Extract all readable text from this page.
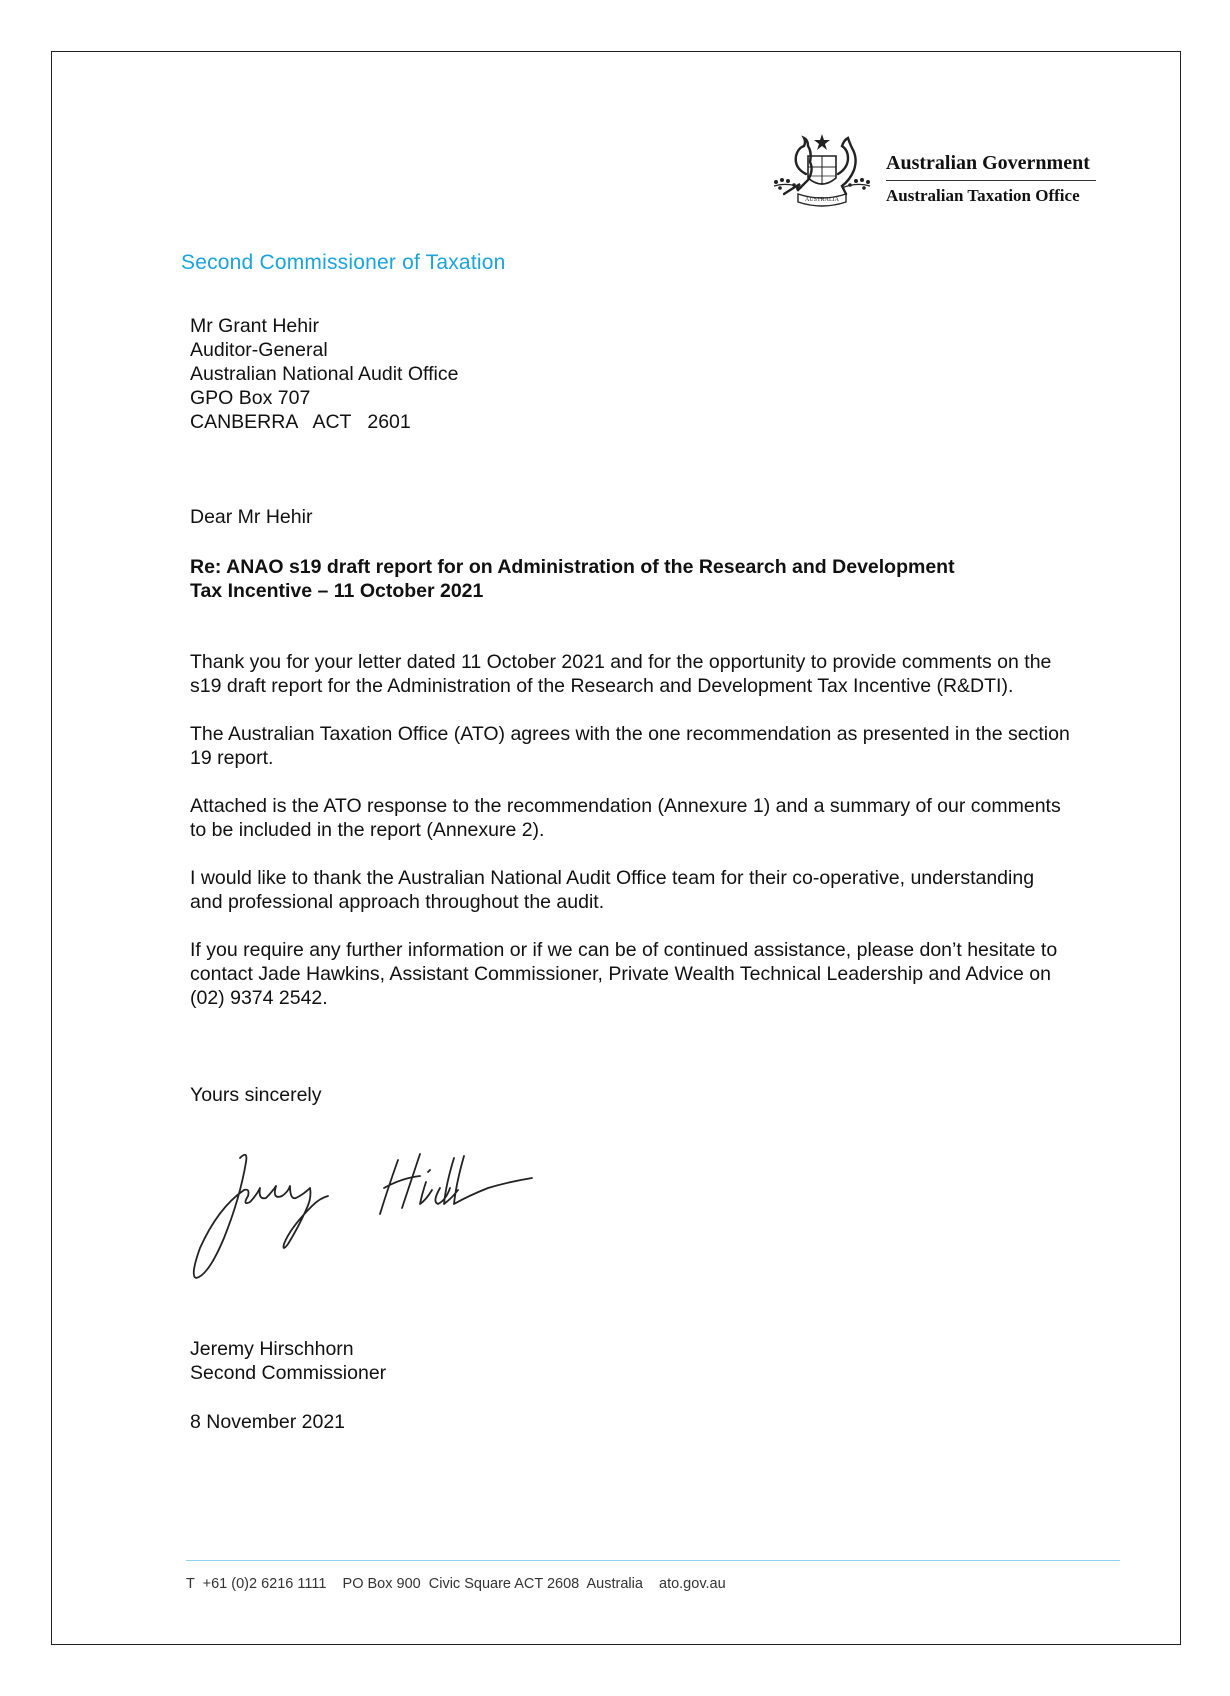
AUSTRALIA
Australian Government
Australian Taxation Office
Second Commissioner of Taxation

Mr Grant Hehir

Auditor-General

Australian National Audit Office

GPO Box 707

CANBERRA   ACT   2601

Dear Mr Hehir

Re: ANAO s19 draft report for on Administration of the Research and Development

Tax Incentive – 11 October 2021

Thank you for your letter dated 11 October 2021 and for the opportunity to provide comments on the s19 draft report for the Administration of the Research and Development Tax Incentive (R&DTI).

The Australian Taxation Office (ATO) agrees with the one recommendation as presented in the section 19 report.

Attached is the ATO response to the recommendation (Annexure 1) and a summary of our comments to be included in the report (Annexure 2).

I would like to thank the Australian National Audit Office team for their co-operative, understanding and professional approach throughout the audit.

If you require any further information or if we can be of continued assistance, please don’t hesitate to contact Jade Hawkins, Assistant Commissioner, Private Wealth Technical Leadership and Advice on (02) 9374 2542.

Yours sincerely

Jeremy Hirschhorn

Second Commissioner

8 November 2021
T  +61 (0)2 6216 1111    PO Box 900  Civic Square ACT 2608  Australia    ato.gov.au
